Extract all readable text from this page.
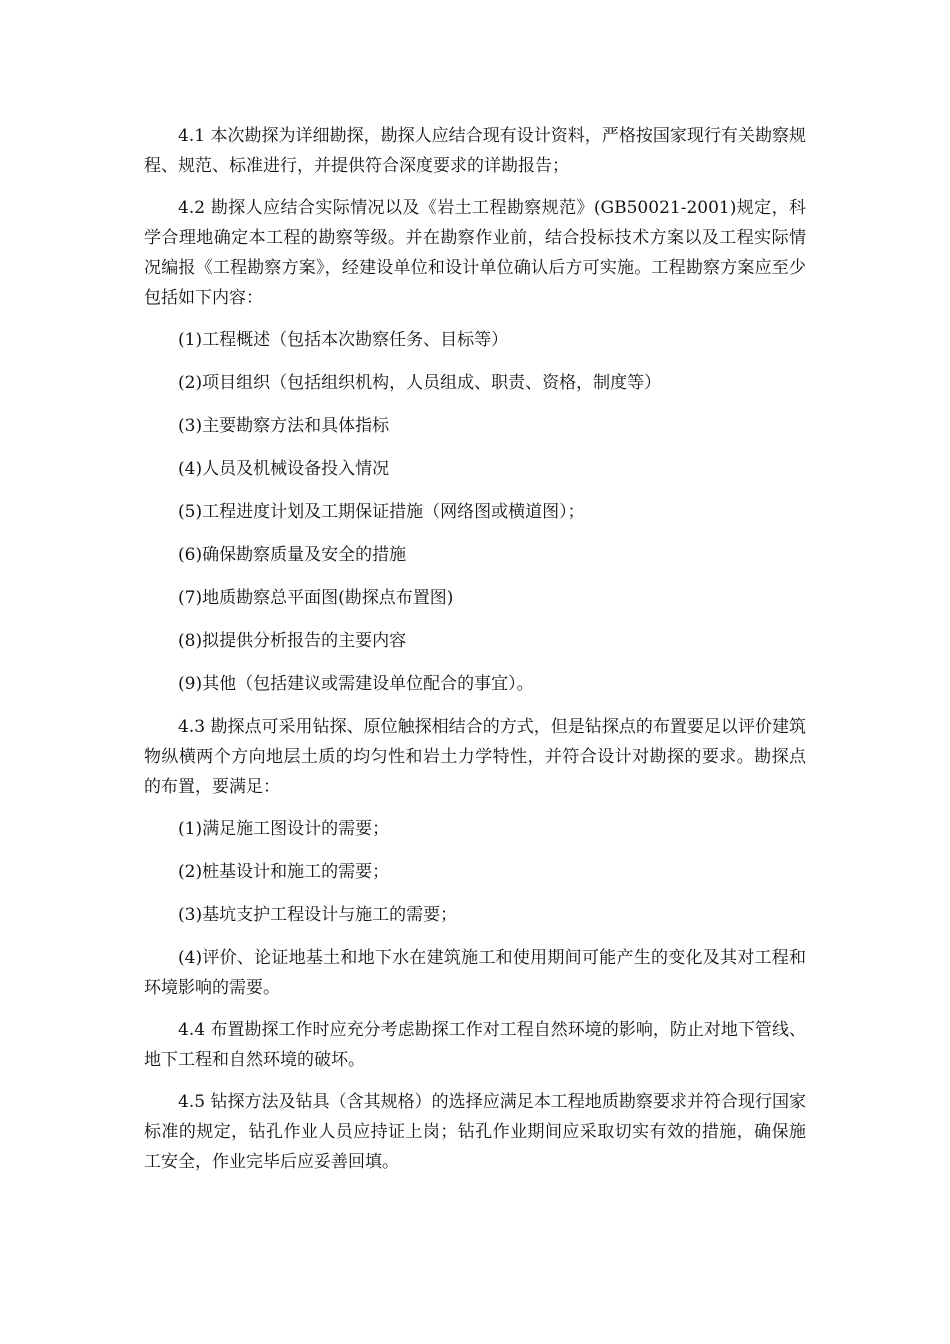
4.1 本次勘探为详细勘探，勘探人应结合现有设计资料，严格按国家现行有关勘察规程、规范、标准进行，并提供符合深度要求的详勘报告；

4.2 勘探人应结合实际情况以及《岩土工程勘察规范》(GB50021-2001)规定，科学合理地确定本工程的勘察等级。并在勘察作业前，结合投标技术方案以及工程实际情况编报《工程勘察方案》，经建设单位和设计单位确认后方可实施。工程勘察方案应至少包括如下内容：

(1)工程概述（包括本次勘察任务、目标等）

(2)项目组织（包括组织机构，人员组成、职责、资格，制度等）

(3)主要勘察方法和具体指标

(4)人员及机械设备投入情况

(5)工程进度计划及工期保证措施（网络图或横道图）；

(6)确保勘察质量及安全的措施

(7)地质勘察总平面图(勘探点布置图)

(8)拟提供分析报告的主要内容

(9)其他（包括建议或需建设单位配合的事宜）。

4.3 勘探点可采用钻探、原位触探相结合的方式，但是钻探点的布置要足以评价建筑物纵横两个方向地层土质的均匀性和岩土力学特性，并符合设计对勘探的要求。勘探点的布置，要满足：

(1)满足施工图设计的需要；

(2)桩基设计和施工的需要；

(3)基坑支护工程设计与施工的需要；

(4)评价、论证地基土和地下水在建筑施工和使用期间可能产生的变化及其对工程和环境影响的需要。

4.4 布置勘探工作时应充分考虑勘探工作对工程自然环境的影响，防止对地下管线、地下工程和自然环境的破坏。

4.5 钻探方法及钻具（含其规格）的选择应满足本工程地质勘察要求并符合现行国家标准的规定，钻孔作业人员应持证上岗；钻孔作业期间应采取切实有效的措施，确保施工安全，作业完毕后应妥善回填。
